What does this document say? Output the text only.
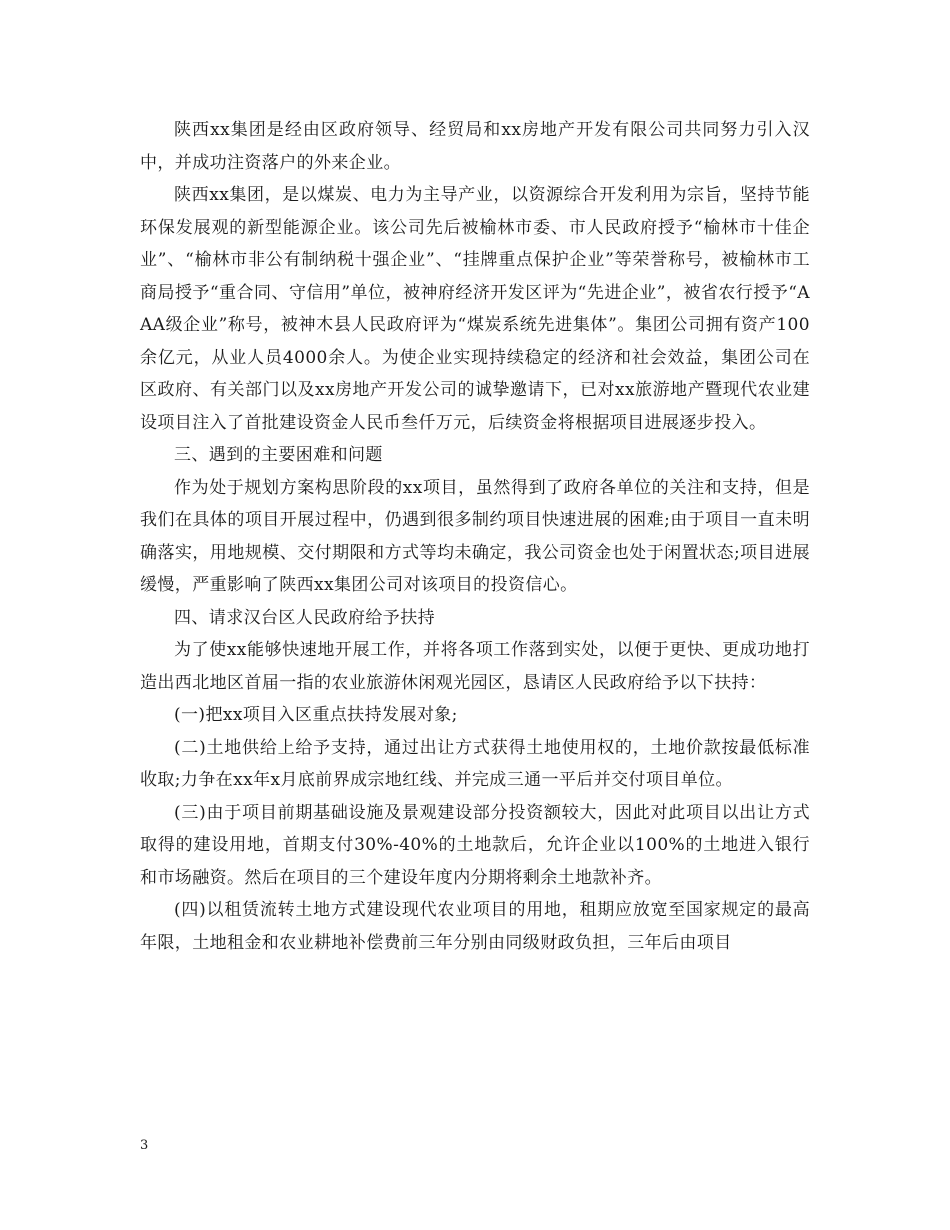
陕西xx集团是经由区政府领导、经贸局和xx房地产开发有限公司共同努力引入汉中，并成功注资落户的外来企业。

陕西xx集团，是以煤炭、电力为主导产业，以资源综合开发利用为宗旨，坚持节能环保发展观的新型能源企业。该公司先后被榆林市委、市人民政府授予“榆林市十佳企业”、“榆林市非公有制纳税十强企业”、“挂牌重点保护企业”等荣誉称号，被榆林市工商局授予“重合同、守信用”单位，被神府经济开发区评为“先进企业”，被省农行授予“AAA级企业”称号，被神木县人民政府评为“煤炭系统先进集体”。集团公司拥有资产100余亿元，从业人员4000余人。为使企业实现持续稳定的经济和社会效益，集团公司在区政府、有关部门以及xx房地产开发公司的诚挚邀请下，已对xx旅游地产暨现代农业建设项目注入了首批建设资金人民币叁仟万元，后续资金将根据项目进展逐步投入。

三、遇到的主要困难和问题

作为处于规划方案构思阶段的xx项目，虽然得到了政府各单位的关注和支持，但是我们在具体的项目开展过程中，仍遇到很多制约项目快速进展的困难;由于项目一直未明确落实，用地规模、交付期限和方式等均未确定，我公司资金也处于闲置状态;项目进展缓慢，严重影响了陕西xx集团公司对该项目的投资信心。

四、请求汉台区人民政府给予扶持

为了使xx能够快速地开展工作，并将各项工作落到实处，以便于更快、更成功地打造出西北地区首届一指的农业旅游休闲观光园区，恳请区人民政府给予以下扶持：

(一)把xx项目入区重点扶持发展对象;

(二)土地供给上给予支持，通过出让方式获得土地使用权的，土地价款按最低标准收取;力争在xx年x月底前界成宗地红线、并完成三通一平后并交付项目单位。

(三)由于项目前期基础设施及景观建设部分投资额较大，因此对此项目以出让方式取得的建设用地，首期支付30%-40%的土地款后，允许企业以100%的土地进入银行和市场融资。然后在项目的三个建设年度内分期将剩余土地款补齐。

(四)以租赁流转土地方式建设现代农业项目的用地，租期应放宽至国家规定的最高年限，土地租金和农业耕地补偿费前三年分别由同级财政负担，三年后由项目

3
